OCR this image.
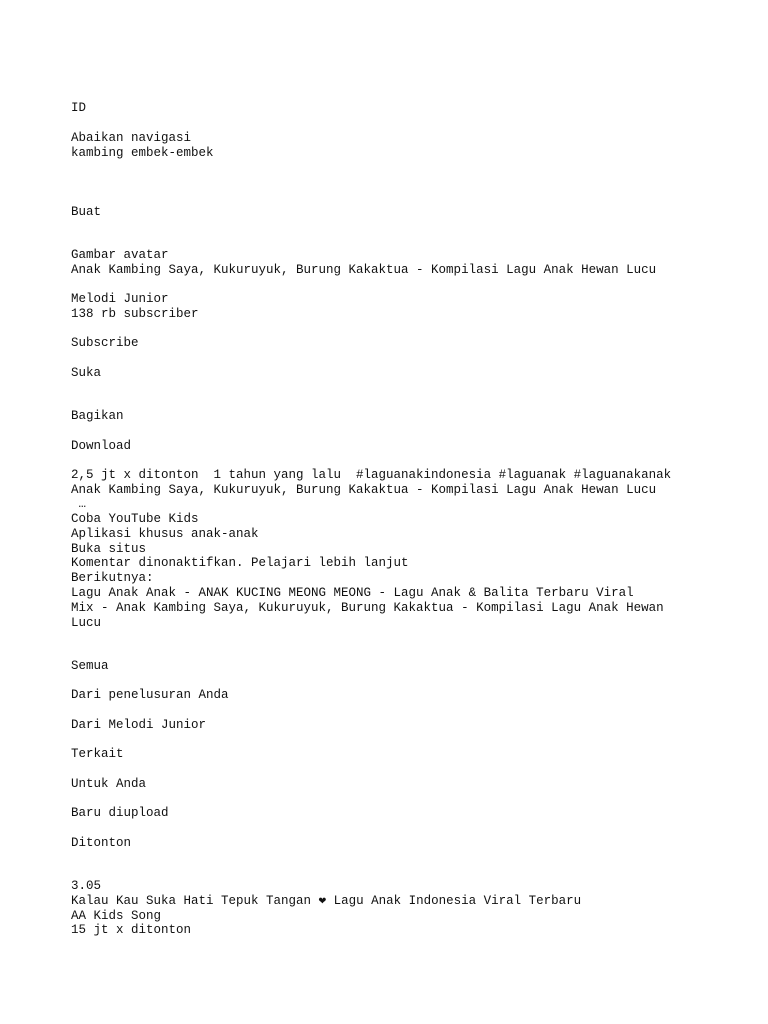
ID
Abaikan navigasi
kambing embek-embek
Buat
Gambar avatar
Anak Kambing Saya, Kukuruyuk, Burung Kakaktua - Kompilasi Lagu Anak Hewan Lucu
Melodi Junior
138 rb subscriber
Subscribe
Suka
Bagikan
Download
2,5 jt x ditonton  1 tahun yang lalu  #laguanakindonesia #laguanak #laguanakanak
Anak Kambing Saya, Kukuruyuk, Burung Kakaktua - Kompilasi Lagu Anak Hewan Lucu
…
Coba YouTube Kids
Aplikasi khusus anak-anak
Buka situs
Komentar dinonaktifkan. Pelajari lebih lanjut
Berikutnya:
Lagu Anak Anak - ANAK KUCING MEONG MEONG - Lagu Anak & Balita Terbaru Viral
Mix - Anak Kambing Saya, Kukuruyuk, Burung Kakaktua - Kompilasi Lagu Anak Hewan Lucu
Semua
Dari penelusuran Anda
Dari Melodi Junior
Terkait
Untuk Anda
Baru diupload
Ditonton
3.05
Kalau Kau Suka Hati Tepuk Tangan ❤ Lagu Anak Indonesia Viral Terbaru
AA Kids Song
15 jt x ditonton
